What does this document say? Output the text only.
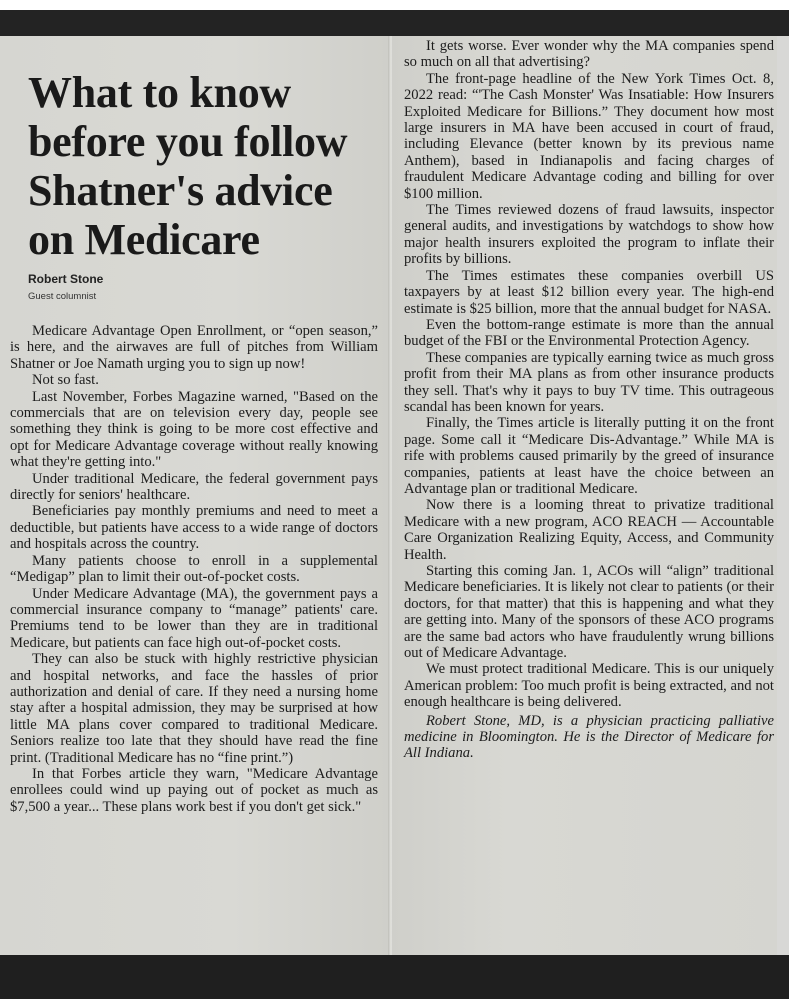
What to know before you follow Shatner's advice on Medicare
Robert Stone
Guest columnist

Medicare Advantage Open Enrollment, or “open season,” is here, and the airwaves are full of pitches from William Shatner or Joe Namath urging you to sign up now!

Not so fast.

Last November, Forbes Magazine warned, "Based on the commercials that are on television every day, people see something they think is going to be more cost effective and opt for Medicare Advantage coverage without really knowing what they're getting into."

Under traditional Medicare, the federal government pays directly for seniors' healthcare.

Beneficiaries pay monthly premiums and need to meet a deductible, but patients have access to a wide range of doctors and hospitals across the country.

Many patients choose to enroll in a supplemental “Medigap” plan to limit their out-of-pocket costs.

Under Medicare Advantage (MA), the government pays a commercial insurance company to “manage” patients' care. Premiums tend to be lower than they are in traditional Medicare, but patients can face high out-of-pocket costs.

They can also be stuck with highly restrictive physician and hospital networks, and face the hassles of prior authorization and denial of care. If they need a nursing home stay after a hospital admission, they may be surprised at how little MA plans cover compared to traditional Medicare. Seniors realize too late that they should have read the fine print. (Traditional Medicare has no “fine print.”)

In that Forbes article they warn, "Medicare Advantage enrollees could wind up paying out of pocket as much as $7,500 a year... These plans work best if you don't get sick."

It gets worse. Ever wonder why the MA companies spend so much on all that advertising?

The front-page headline of the New York Times Oct. 8, 2022 read: “'The Cash Monster' Was Insatiable: How Insurers Exploited Medicare for Billions.” They document how most large insurers in MA have been accused in court of fraud, including Elevance (better known by its previous name Anthem), based in Indianapolis and facing charges of fraudulent Medicare Advantage coding and billing for over $100 million.

The Times reviewed dozens of fraud lawsuits, inspector general audits, and investigations by watchdogs to show how major health insurers exploited the program to inflate their profits by billions.

The Times estimates these companies overbill US taxpayers by at least $12 billion every year. The high-end estimate is $25 billion, more that the annual budget for NASA.

Even the bottom-range estimate is more than the annual budget of the FBI or the Environmental Protection Agency.

These companies are typically earning twice as much gross profit from their MA plans as from other insurance products they sell. That's why it pays to buy TV time. This outrageous scandal has been known for years.

Finally, the Times article is literally putting it on the front page. Some call it “Medicare Dis-Advantage.” While MA is rife with problems caused primarily by the greed of insurance companies, patients at least have the choice between an Advantage plan or traditional Medicare.

Now there is a looming threat to privatize traditional Medicare with a new program, ACO REACH — Accountable Care Organization Realizing Equity, Access, and Community Health.

Starting this coming Jan. 1, ACOs will “align” traditional Medicare beneficiaries. It is likely not clear to patients (or their doctors, for that matter) that this is happening and what they are getting into. Many of the sponsors of these ACO programs are the same bad actors who have fraudulently wrung billions out of Medicare Advantage.

We must protect traditional Medicare. This is our uniquely American problem: Too much profit is being extracted, and not enough healthcare is being delivered.

Robert Stone, MD, is a physician practicing palliative medicine in Bloomington. He is the Director of Medicare for All Indiana.
